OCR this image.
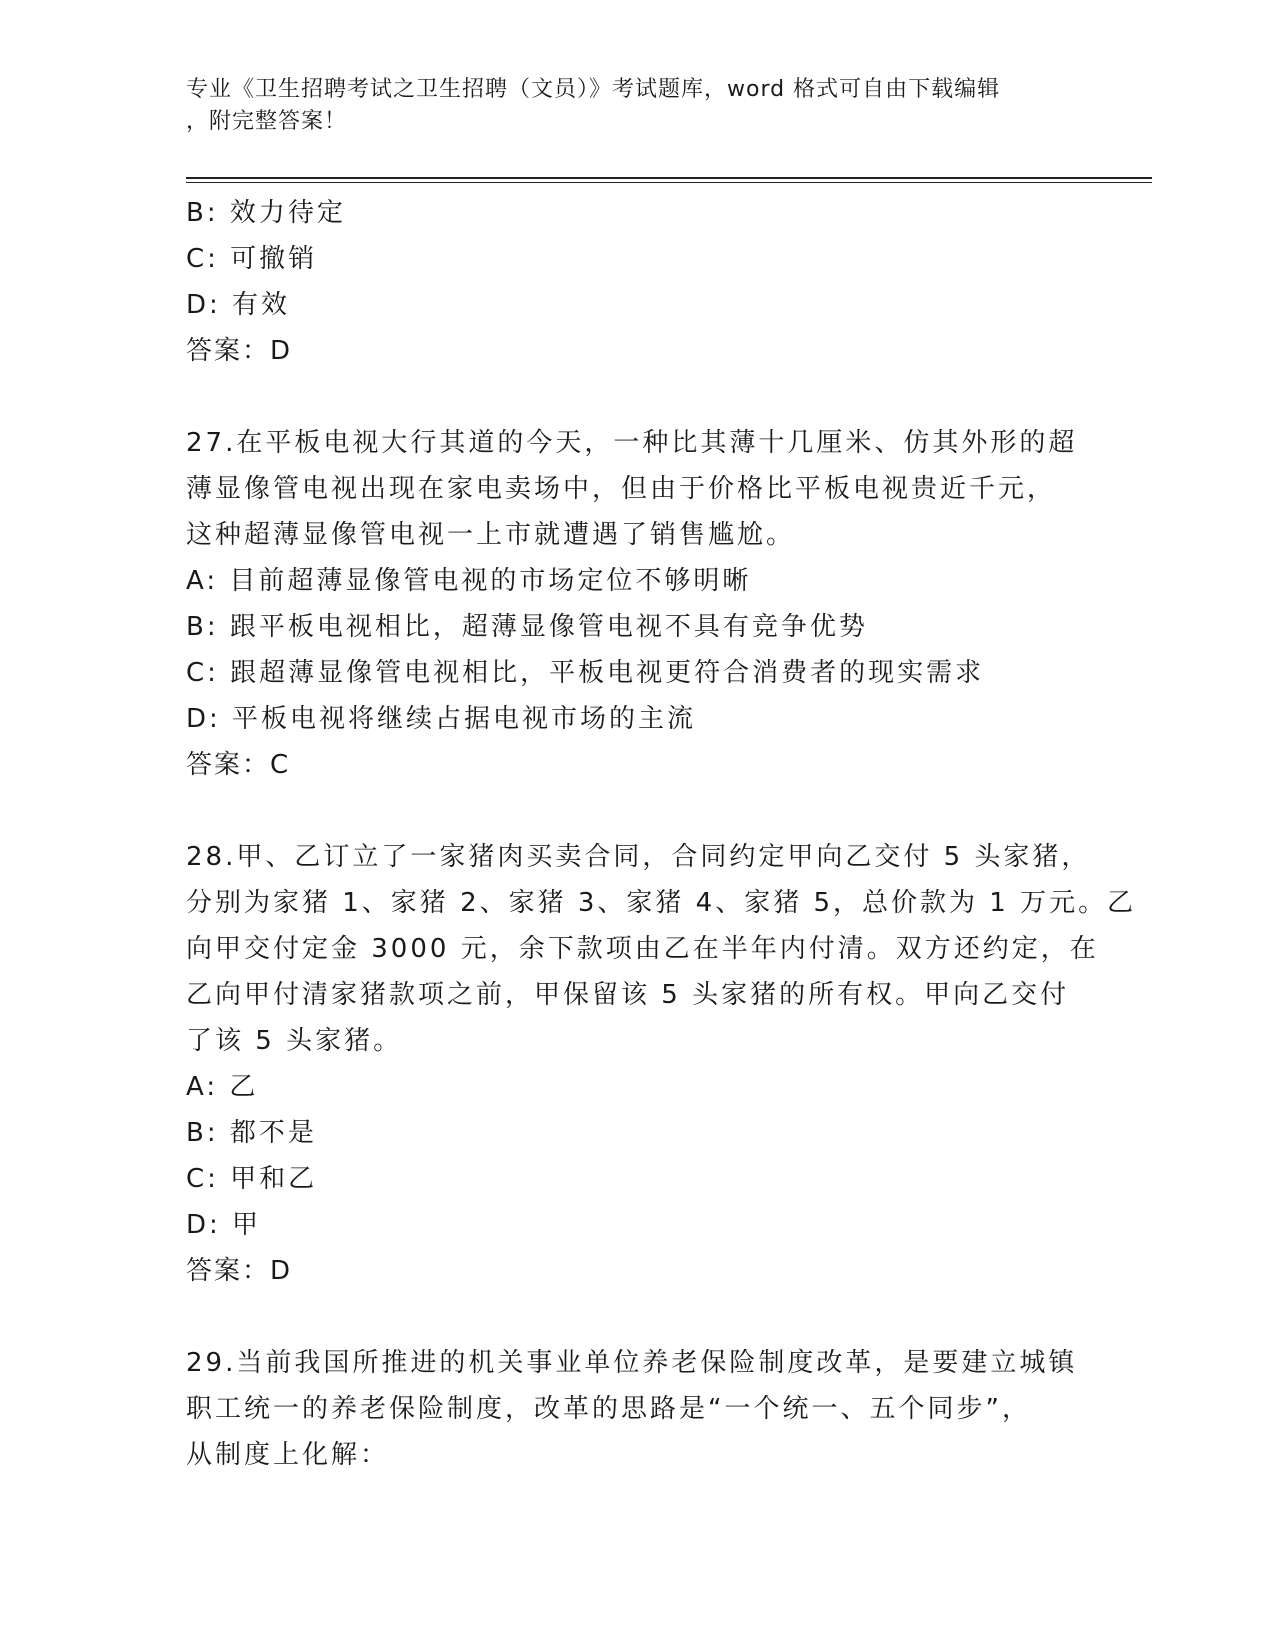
专业《卫生招聘考试之卫生招聘（文员）》考试题库，word 格式可自由下载编辑
，附完整答案！
B: 效力待定
C: 可撤销
D: 有效
答案：D
27.在平板电视大行其道的今天，一种比其薄十几厘米、仿其外形的超
薄显像管电视出现在家电卖场中，但由于价格比平板电视贵近千元，
这种超薄显像管电视一上市就遭遇了销售尴尬。
A: 目前超薄显像管电视的市场定位不够明晰
B: 跟平板电视相比，超薄显像管电视不具有竞争优势
C: 跟超薄显像管电视相比，平板电视更符合消费者的现实需求
D: 平板电视将继续占据电视市场的主流
答案：C
28.甲、乙订立了一家猪肉买卖合同，合同约定甲向乙交付 5 头家猪，
分别为家猪 1、家猪 2、家猪 3、家猪 4、家猪 5，总价款为 1 万元。乙
向甲交付定金 3000 元，余下款项由乙在半年内付清。双方还约定，在
乙向甲付清家猪款项之前，甲保留该 5 头家猪的所有权。甲向乙交付
了该 5 头家猪。
A: 乙
B: 都不是
C: 甲和乙
D: 甲
答案：D
29.当前我国所推进的机关事业单位养老保险制度改革，是要建立城镇
职工统一的养老保险制度，改革的思路是“一个统一、五个同步”，
从制度上化解：
